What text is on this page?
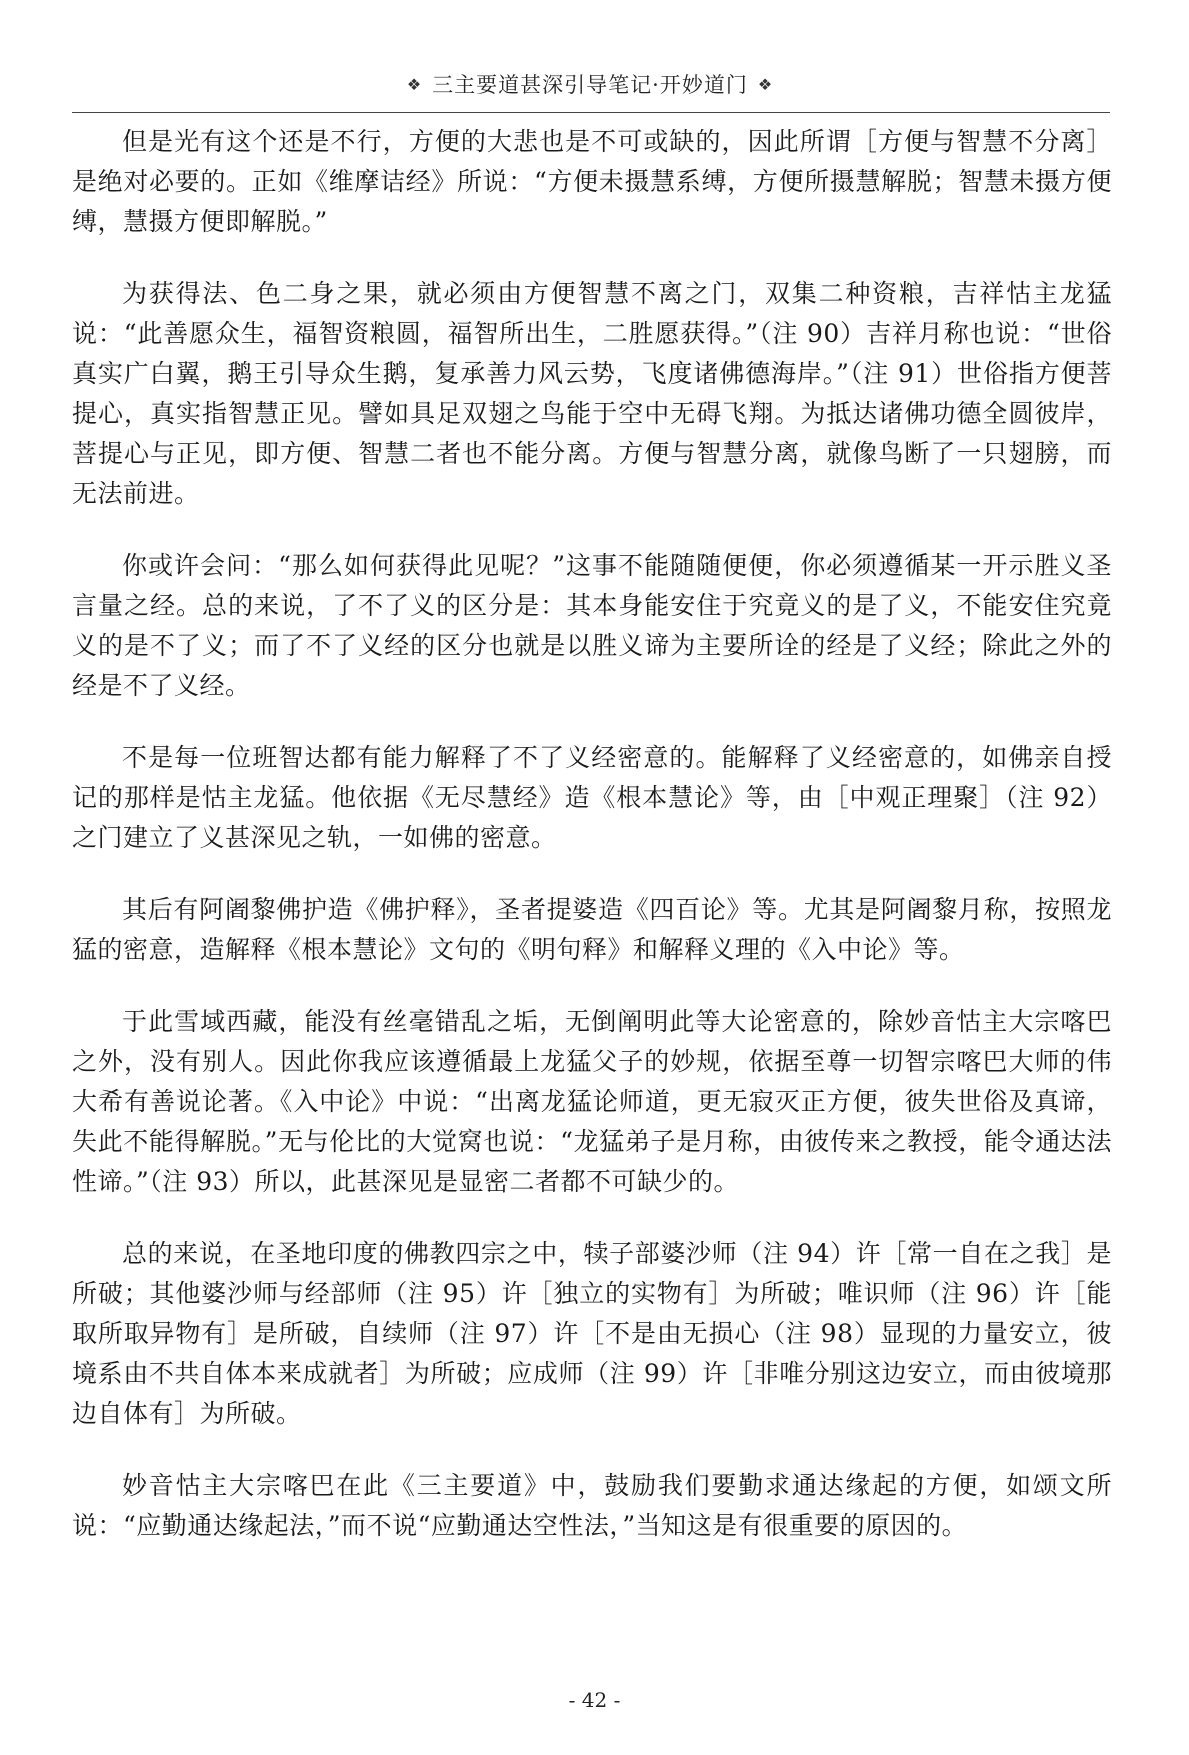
❖ 三主要道甚深引导笔记·开妙道门 ❖

但是光有这个还是不行，方便的大悲也是不可或缺的，因此所谓［方便与智慧不分离］是绝对必要的。正如《维摩诘经》所说：“方便未摄慧系缚，方便所摄慧解脱；智慧未摄方便缚，慧摄方便即解脱。”

为获得法、色二身之果，就必须由方便智慧不离之门，双集二种资粮，吉祥怙主龙猛说：“此善愿众生，福智资粮圆，福智所出生，二胜愿获得。”（注 90）吉祥月称也说：“世俗真实广白翼，鹅王引导众生鹅，复承善力风云势，飞度诸佛德海岸。”（注 91）世俗指方便菩提心，真实指智慧正见。譬如具足双翅之鸟能于空中无碍飞翔。为抵达诸佛功德全圆彼岸，菩提心与正见，即方便、智慧二者也不能分离。方便与智慧分离，就像鸟断了一只翅膀，而无法前进。

你或许会问：“那么如何获得此见呢？”这事不能随随便便，你必须遵循某一开示胜义圣言量之经。总的来说，了不了义的区分是：其本身能安住于究竟义的是了义，不能安住究竟义的是不了义；而了不了义经的区分也就是以胜义谛为主要所诠的经是了义经；除此之外的经是不了义经。

不是每一位班智达都有能力解释了不了义经密意的。能解释了义经密意的，如佛亲自授记的那样是怙主龙猛。他依据《无尽慧经》造《根本慧论》等，由［中观正理聚］（注 92）之门建立了义甚深见之轨，一如佛的密意。

其后有阿阇黎佛护造《佛护释》，圣者提婆造《四百论》等。尤其是阿阇黎月称，按照龙猛的密意，造解释《根本慧论》文句的《明句释》和解释义理的《入中论》等。

于此雪域西藏，能没有丝毫错乱之垢，无倒阐明此等大论密意的，除妙音怙主大宗喀巴之外，没有别人。因此你我应该遵循最上龙猛父子的妙规，依据至尊一切智宗喀巴大师的伟大希有善说论著。《入中论》中说：“出离龙猛论师道，更无寂灭正方便，彼失世俗及真谛，失此不能得解脱。”无与伦比的大觉窝也说：“龙猛弟子是月称，由彼传来之教授，能令通达法性谛。”（注 93）所以，此甚深见是显密二者都不可缺少的。

总的来说，在圣地印度的佛教四宗之中，犊子部婆沙师（注 94）许［常一自在之我］是所破；其他婆沙师与经部师（注 95）许［独立的实物有］为所破；唯识师（注 96）许［能取所取异物有］是所破，自续师（注 97）许［不是由无损心（注 98）显现的力量安立，彼境系由不共自体本来成就者］为所破；应成师（注 99）许［非唯分别这边安立，而由彼境那边自体有］为所破。

妙音怙主大宗喀巴在此《三主要道》中，鼓励我们要勤求通达缘起的方便，如颂文所说：“应勤通达缘起法，”而不说“应勤通达空性法，”当知这是有很重要的原因的。

- 42 -
